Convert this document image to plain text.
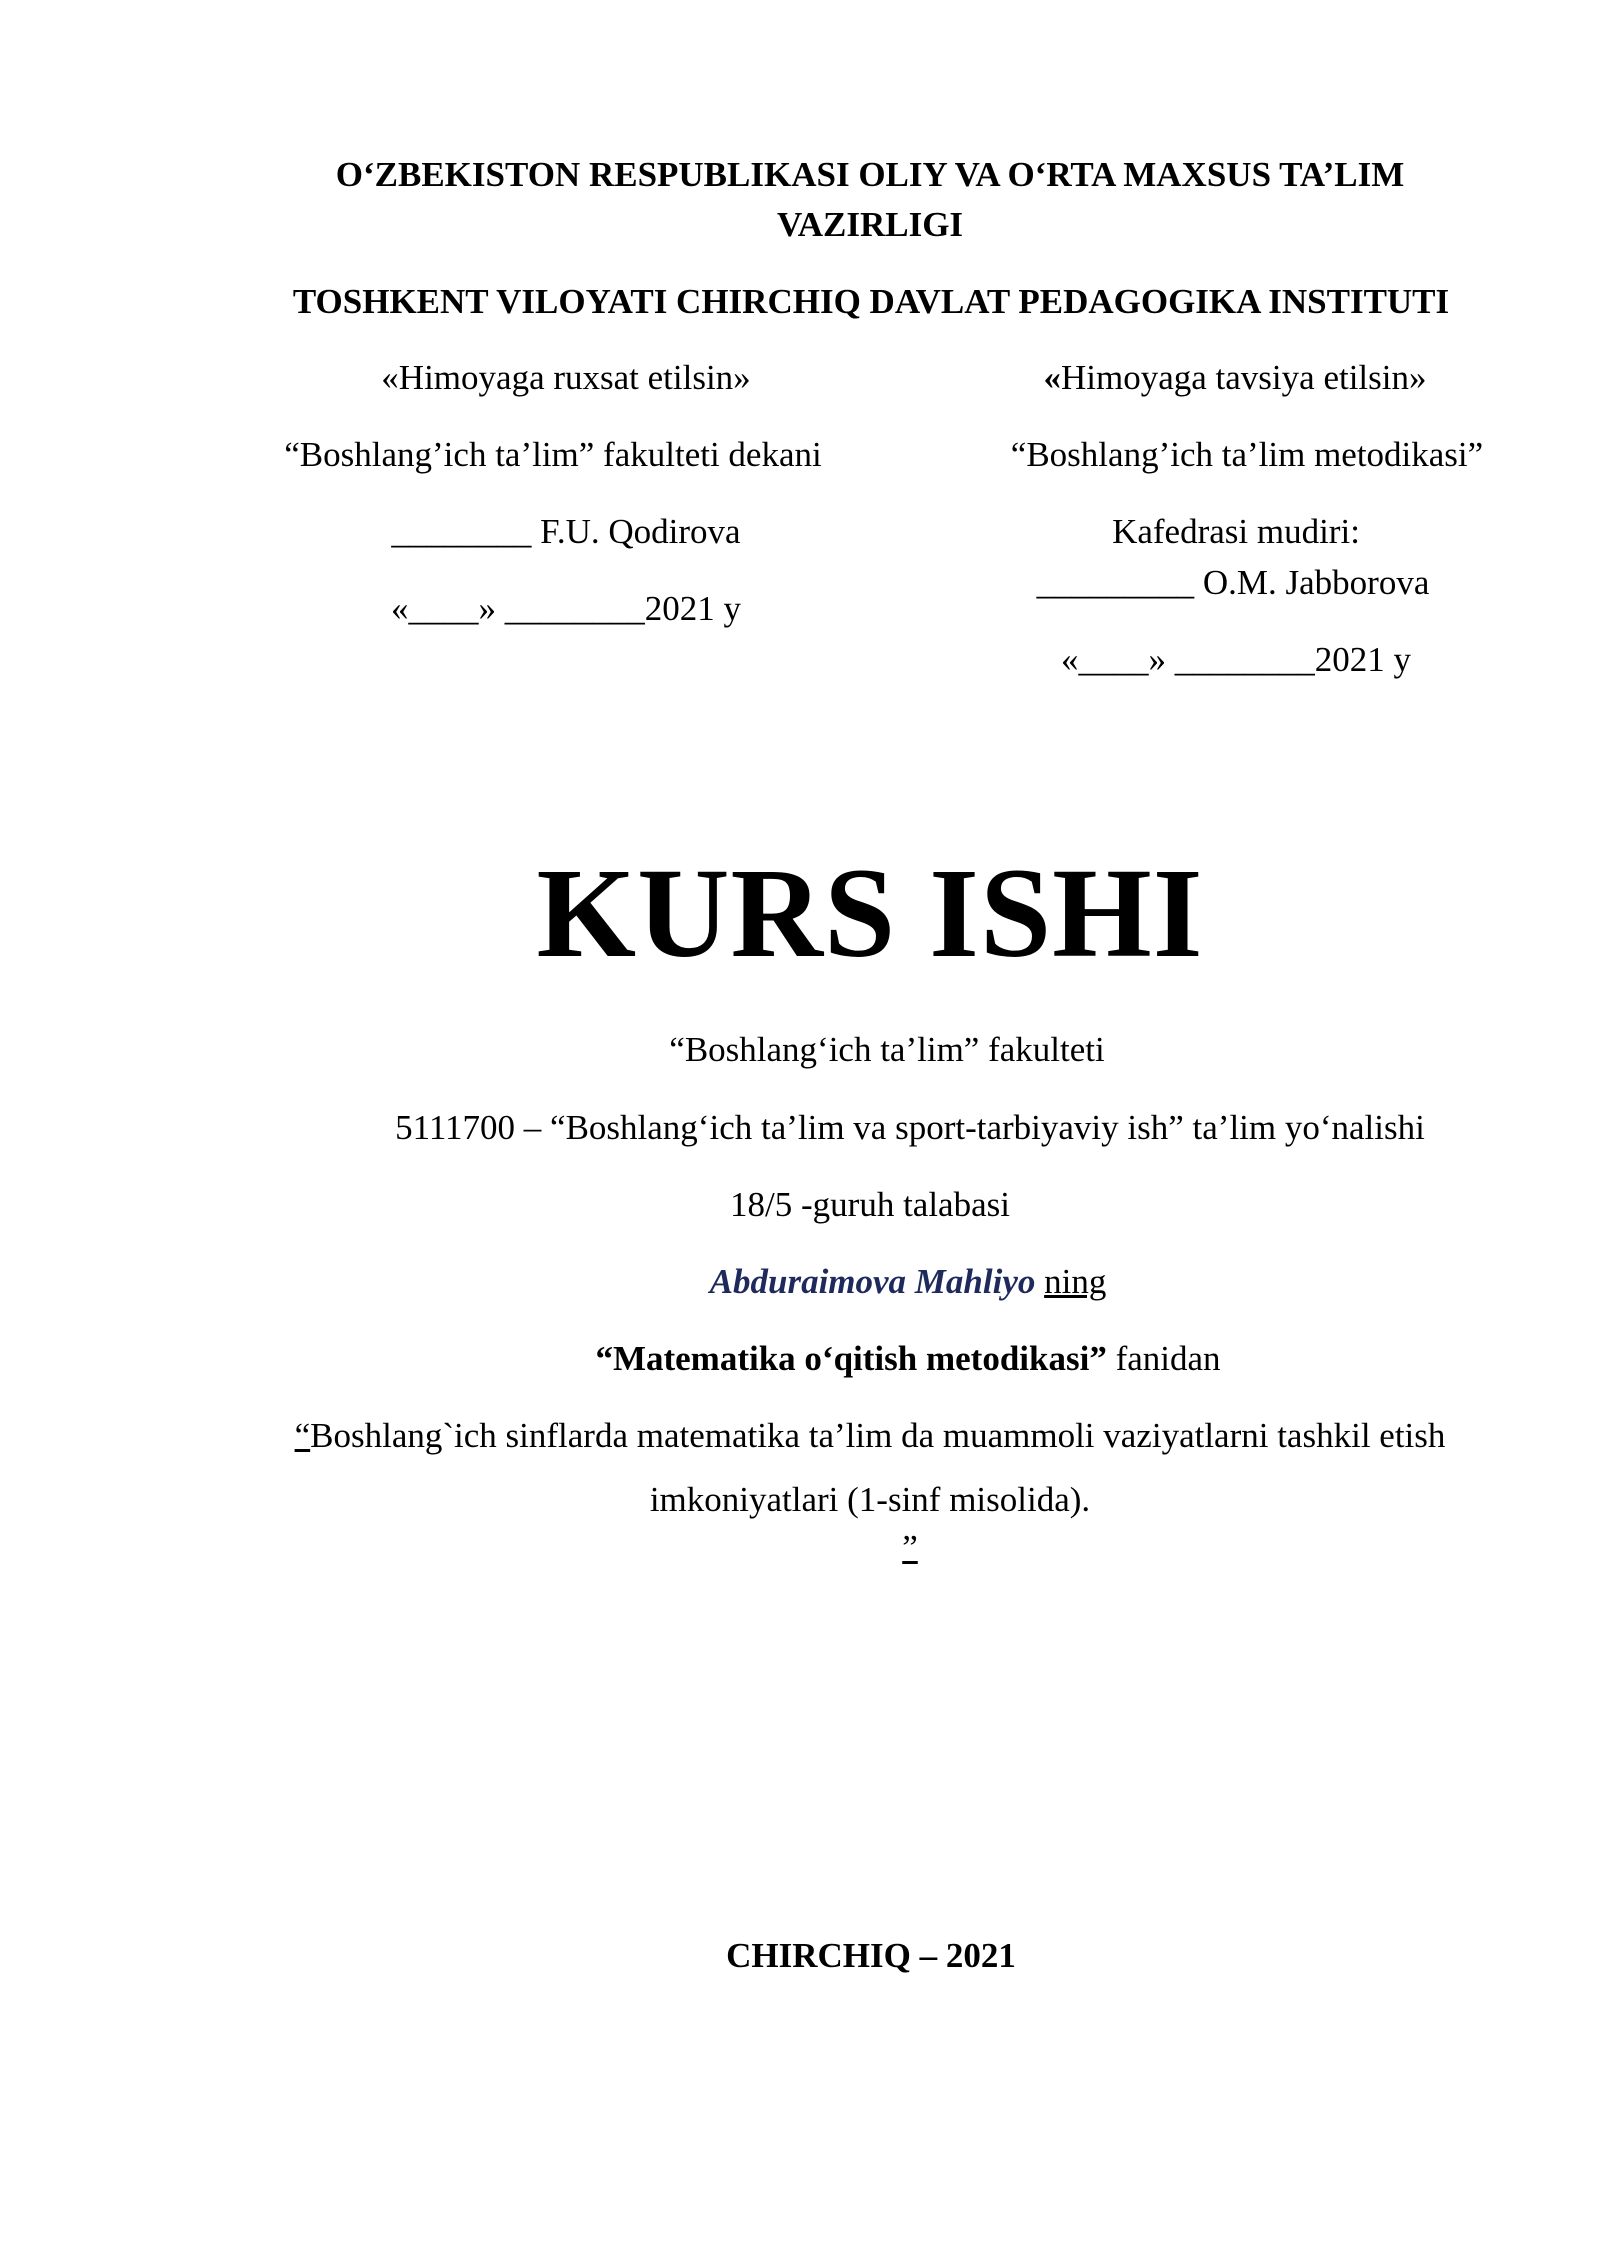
O‘ZBEKISTON RESPUBLIKASI OLIY VA O‘RTA MAXSUS TA’LIM
VAZIRLIGI
TOSHKENT VILOYATI CHIRCHIQ DAVLAT PEDAGOGIKA INSTITUTI
«Himoyaga ruxsat etilsin»
“Boshlang’ich ta’lim” fakulteti dekani
________ F.U. Qodirova
«____» ________2021 y
«Himoyaga tavsiya etilsin»
“Boshlang’ich ta’lim metodikasi”
Kafedrasi mudiri:
_________ O.M. Jabborova
«____» ________2021 y
KURS ISHI
“Boshlang‘ich ta’lim” fakulteti
5111700 – “Boshlang‘ich ta’lim va sport-tarbiyaviy ish” ta’lim yo‘nalishi
18/5 -guruh talabasi
Abduraimova Mahliyo ning
“Matematika o‘qitish metodikasi” fanidan
“Boshlang`ich sinflarda matematika ta’lim da muammoli vaziyatlarni tashkil etish
imkoniyatlari (1-sinf misolida).
”
CHIRCHIQ – 2021
